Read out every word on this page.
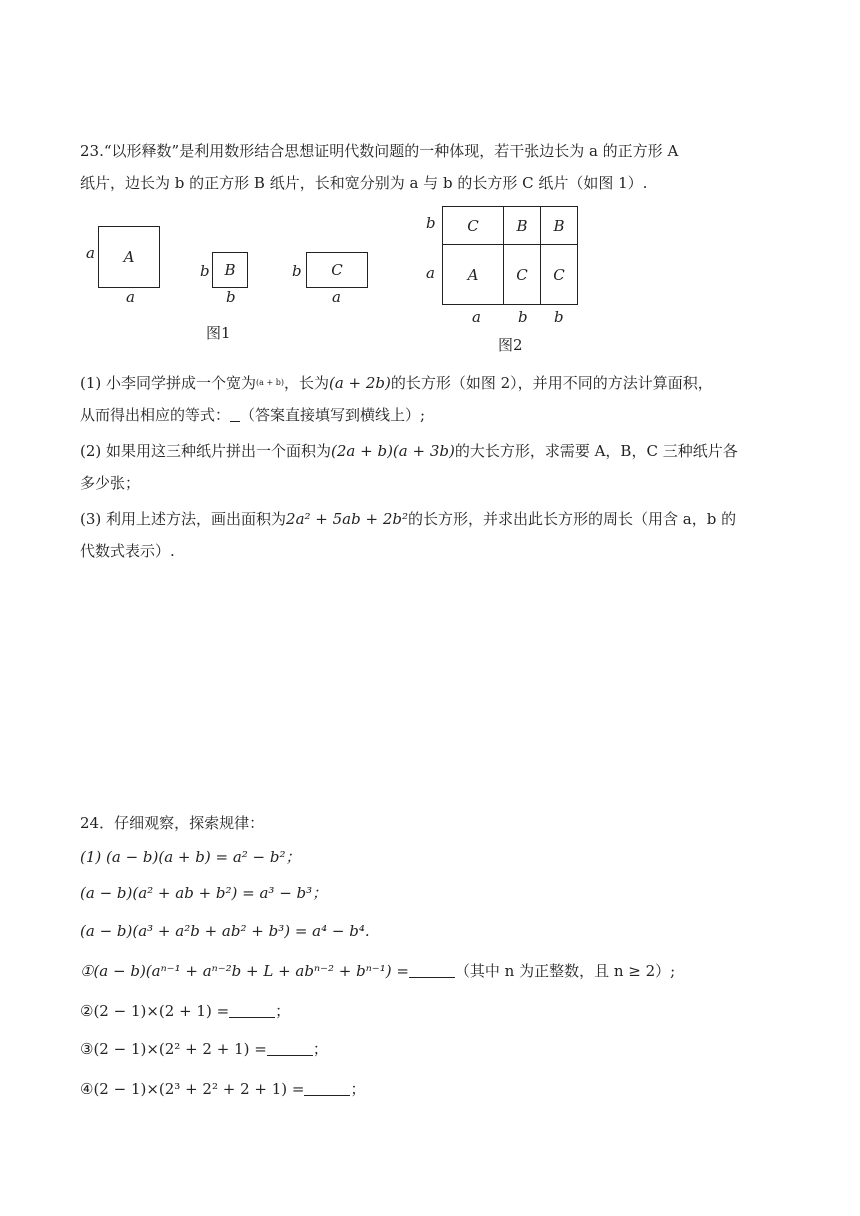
23.“以形释数”是利用数形结合思想证明代数问题的一种体现，若干张边长为 a 的正方形 A
纸片，边长为 b 的正方形 B 纸片，长和宽分别为 a 与 b 的长方形 C 纸片（如图 1）.
a A
a
b B
b
b C
a
图1
b
a
C	B	B
A	C	C
a b b
图2
(1) 小李同学拼成一个宽为$^{(a + b)}$，长为(a + 2b)的长方形（如图 2），并用不同的方法计算面积，
从而得出相应的等式： （答案直接填写到横线上）;
(2) 如果用这三种纸片拼出一个面积为(2a + b)(a + 3b)的大长方形，求需要 A，B，C 三种纸片各
多少张；
(3) 利用上述方法，画出面积为2a² + 5ab + 2b²的长方形，并求出此长方形的周长（用含 a，b 的
代数式表示）.
24．仔细观察，探索规律：
(1) (a − b)(a + b) = a² − b²；
(a − b)(a² + ab + b²) = a³ − b³；
(a − b)(a³ + a²b + ab² + b³) = a⁴ − b⁴.
①(a − b)(aⁿ⁻¹ + aⁿ⁻²b + L + abⁿ⁻² + bⁿ⁻¹) =	（其中 n 为正整数，且 n ≥ 2）;
②(2 − 1)×(2 + 1) =	；
③(2 − 1)×(2² + 2 + 1) =	；
④(2 − 1)×(2³ + 2² + 2 + 1) =	；
